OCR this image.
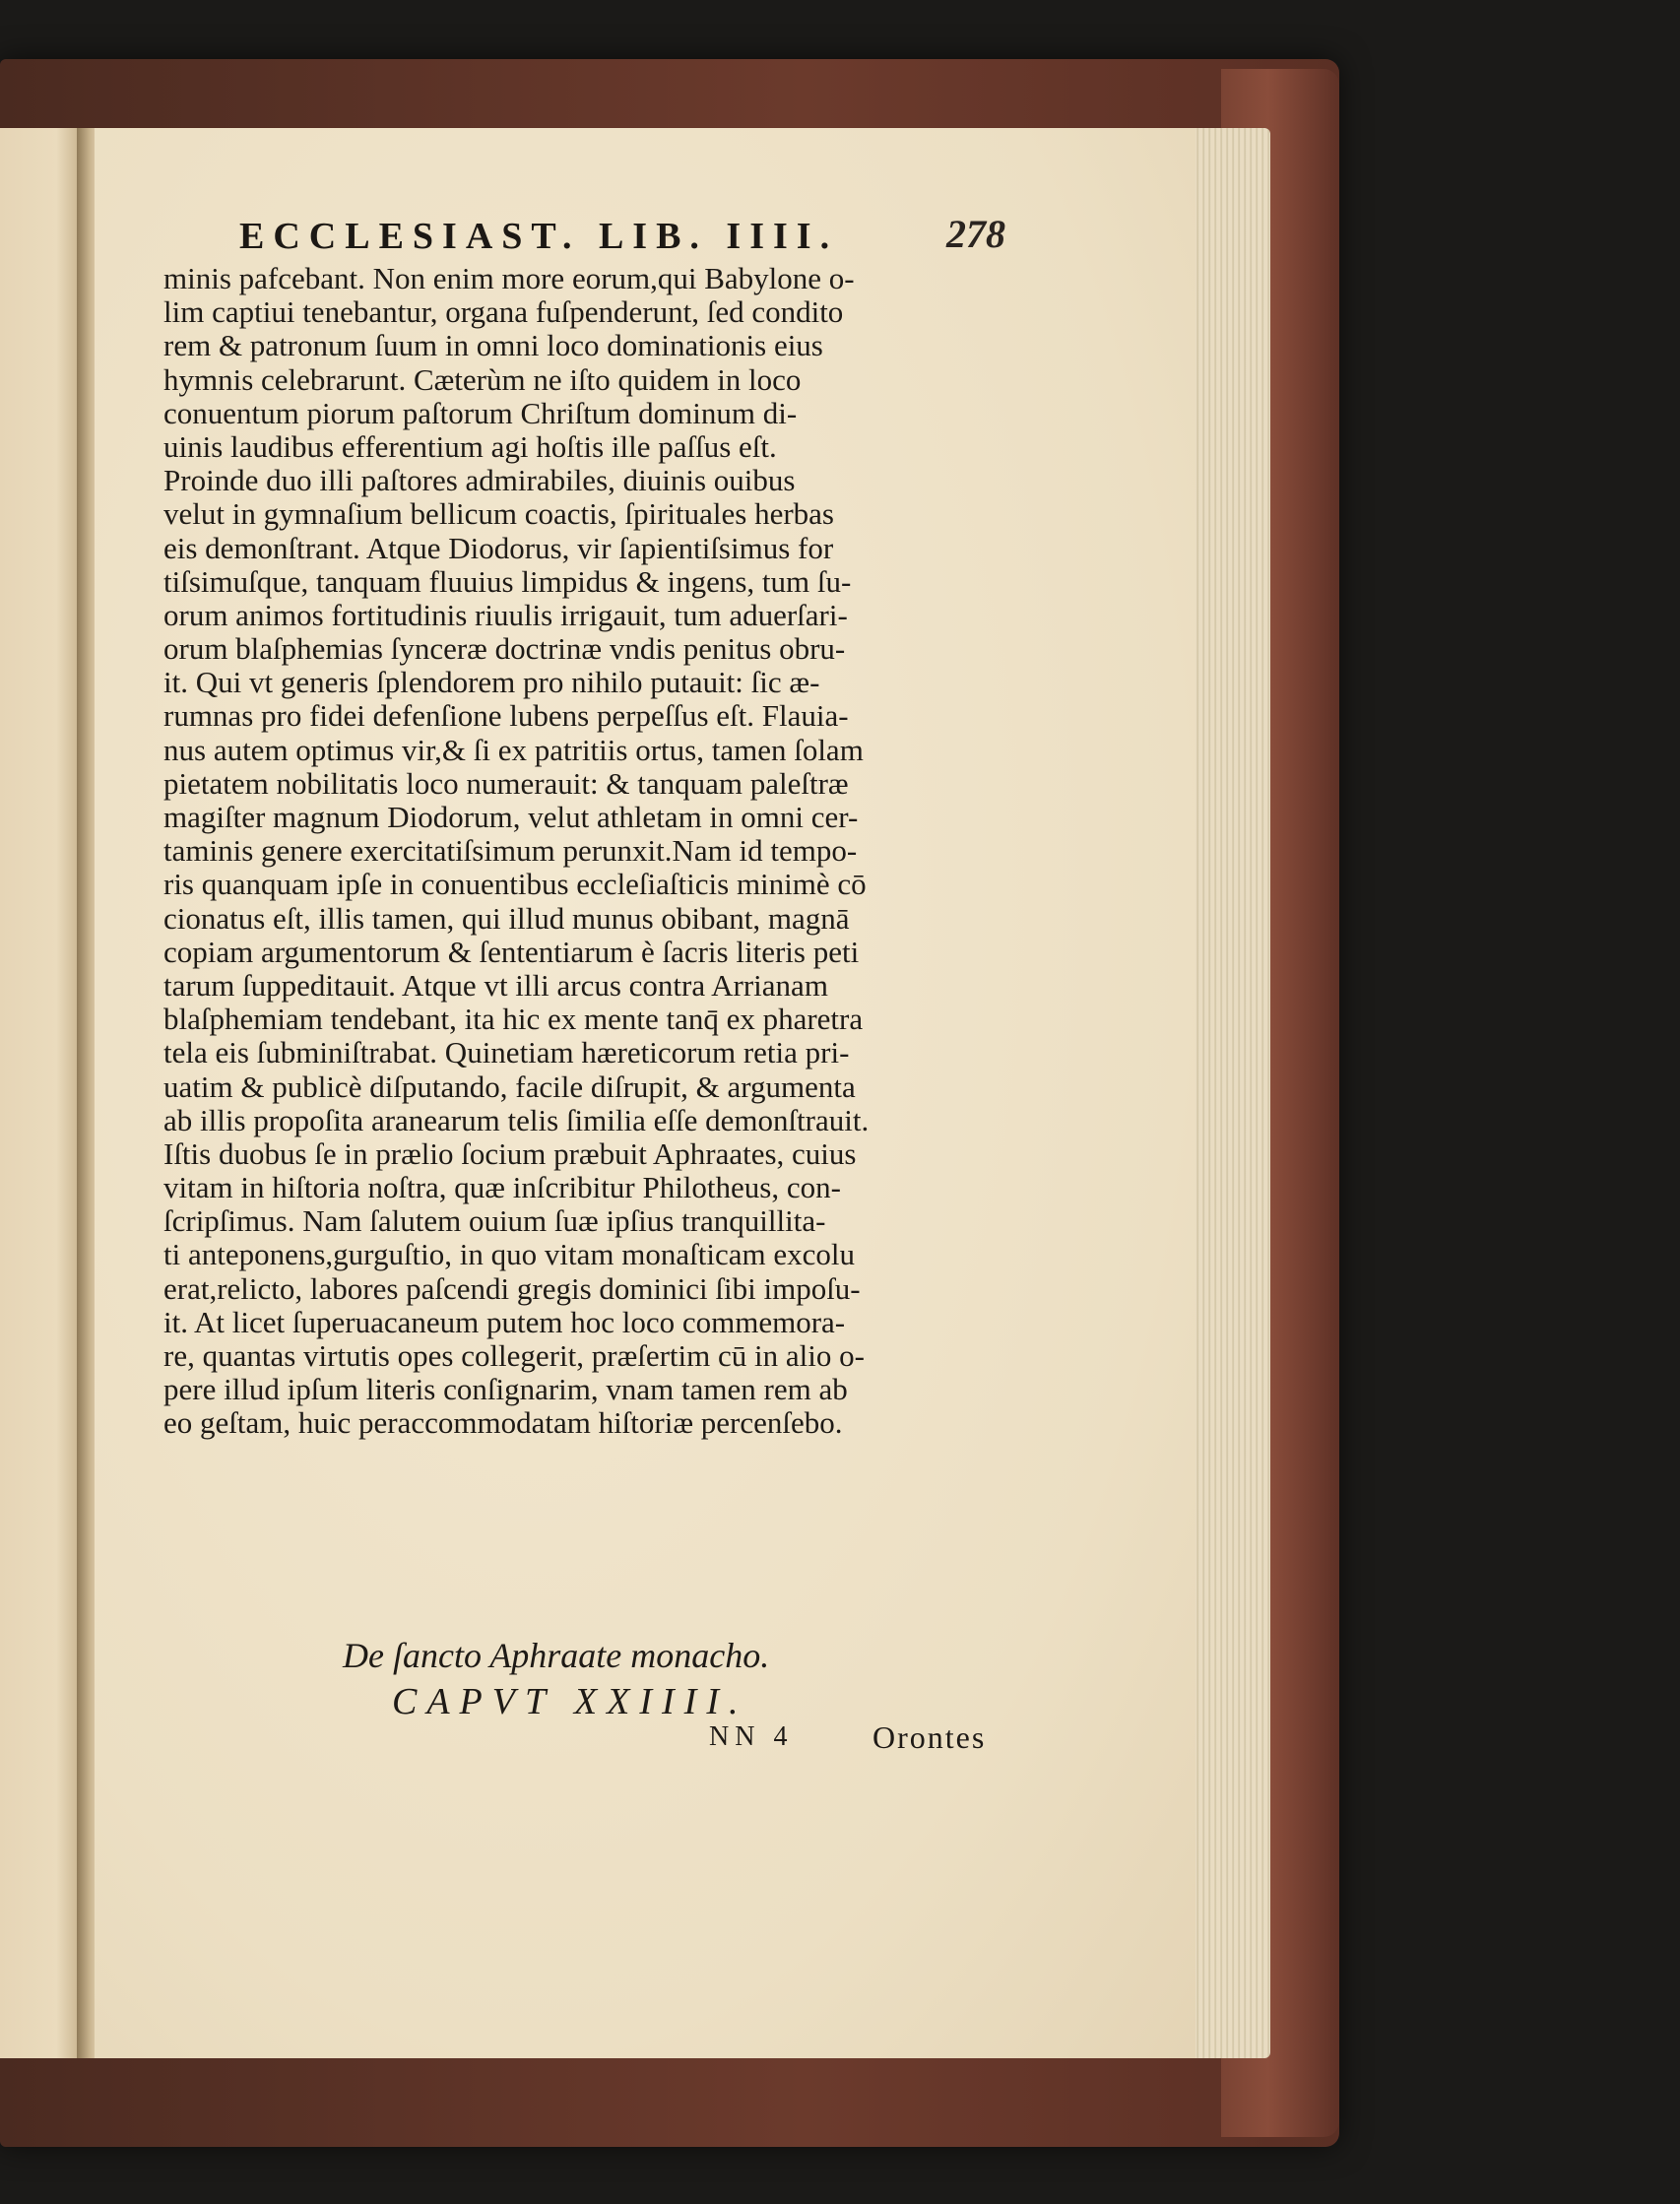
ECCLESIAST. LIB. IIII.	278
minis pafcebant. Non enim more eorum,qui Babylone o-
lim captiui tenebantur, organa fuſpenderunt, ſed condito
rem & patronum ſuum in omni loco dominationis eius
hymnis celebrarunt. Cæterùm ne iſto quidem in loco
conuentum piorum paſtorum Chriſtum dominum di-
uinis laudibus efferentium agi hoſtis ille paſſus eſt.
Proinde duo illi paſtores admirabiles, diuinis ouibus
velut in gymnaſium bellicum coactis, ſpirituales herbas
eis demonſtrant. Atque Diodorus, vir ſapientiſsimus for
tiſsimuſque, tanquam fluuius limpidus & ingens, tum ſu-
orum animos fortitudinis riuulis irrigauit, tum aduerſari-
orum blaſphemias ſynceræ doctrinæ vndis penitus obru-
it. Qui vt generis ſplendorem pro nihilo putauit: ſic æ-
rumnas pro fidei defenſione lubens perpeſſus eſt. Flauia-
nus autem optimus vir,& ſi ex patritiis ortus, tamen ſolam
pietatem nobilitatis loco numerauit: & tanquam paleſtræ
magiſter magnum Diodorum, velut athletam in omni cer-
taminis genere exercitatiſsimum perunxit.Nam id tempo-
ris quanquam ipſe in conuentibus eccleſiaſticis minimè cō
cionatus eſt, illis tamen, qui illud munus obibant, magnā
copiam argumentorum & ſententiarum è ſacris literis peti
tarum ſuppeditauit. Atque vt illi arcus contra Arrianam
blaſphemiam tendebant, ita hic ex mente tanq̄ ex pharetra
tela eis ſubminiſtrabat. Quinetiam hæreticorum retia pri-
uatim & publicè diſputando, facile diſrupit, & argumenta
ab illis propoſita aranearum telis ſimilia eſſe demonſtrauit.
Iſtis duobus ſe in prælio ſocium præbuit Aphraates, cuius
vitam in hiſtoria noſtra, quæ inſcribitur Philotheus, con-
ſcripſimus. Nam ſalutem ouium ſuæ ipſius tranquillita-
ti anteponens,gurguſtio, in quo vitam monaſticam excolu
erat,relicto, labores paſcendi gregis dominici ſibi impoſu-
it. At licet ſuperuacaneum putem hoc loco commemora-
re, quantas virtutis opes collegerit, præſertim cū in alio o-
pere illud ipſum literis conſignarim, vnam tamen rem ab
eo geſtam, huic peraccommodatam hiſtoriæ percenſebo.
De ſancto Aphraate monacho.
CAPVT XXIIII.
NN 4	Orontes
